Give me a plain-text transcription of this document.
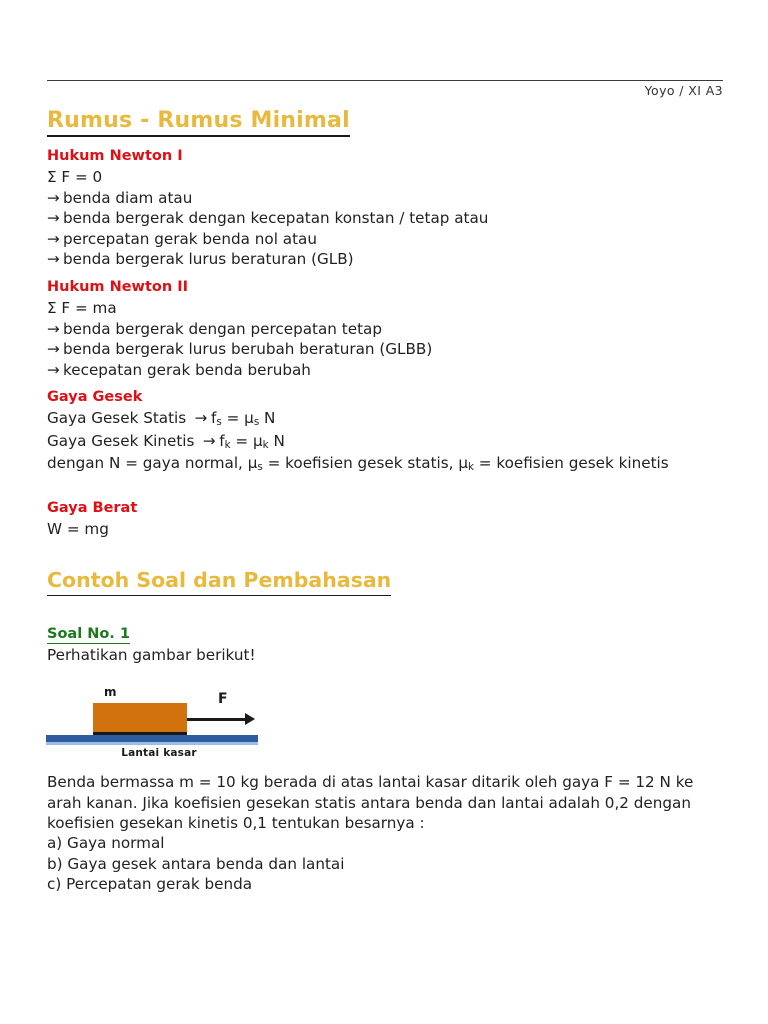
Yoyo / XI A3
Rumus - Rumus Minimal

Hukum Newton I

Σ F = 0

→ benda diam atau

→ benda bergerak dengan kecepatan konstan / tetap atau

→ percepatan gerak benda nol atau

→ benda bergerak lurus beraturan (GLB)

Hukum Newton II

Σ F = ma

→ benda bergerak dengan percepatan tetap

→ benda bergerak lurus berubah beraturan (GLBB)

→ kecepatan gerak benda berubah

Gaya Gesek

Gaya Gesek Statis → $f_s = \mu_s$ N

Gaya Gesek Kinetis → $f_k = \mu_k$ N

dengan N = gaya normal, $\mu_s$ = koefisien gesek statis, $\mu_k$ = koefisien gesek kinetis

Gaya Berat

W = mg

Contoh Soal dan Pembahasan
Soal No. 1
Perhatikan gambar berikut!
m	F
Lantai kasar
Benda bermassa m = 10 kg berada di atas lantai kasar ditarik oleh gaya F = 12 N ke arah kanan. Jika koefisien gesekan statis antara benda dan lantai adalah 0,2 dengan koefisien gesekan kinetis 0,1 tentukan besarnya :

a) Gaya normal

b) Gaya gesek antara benda dan lantai

c) Percepatan gerak benda
